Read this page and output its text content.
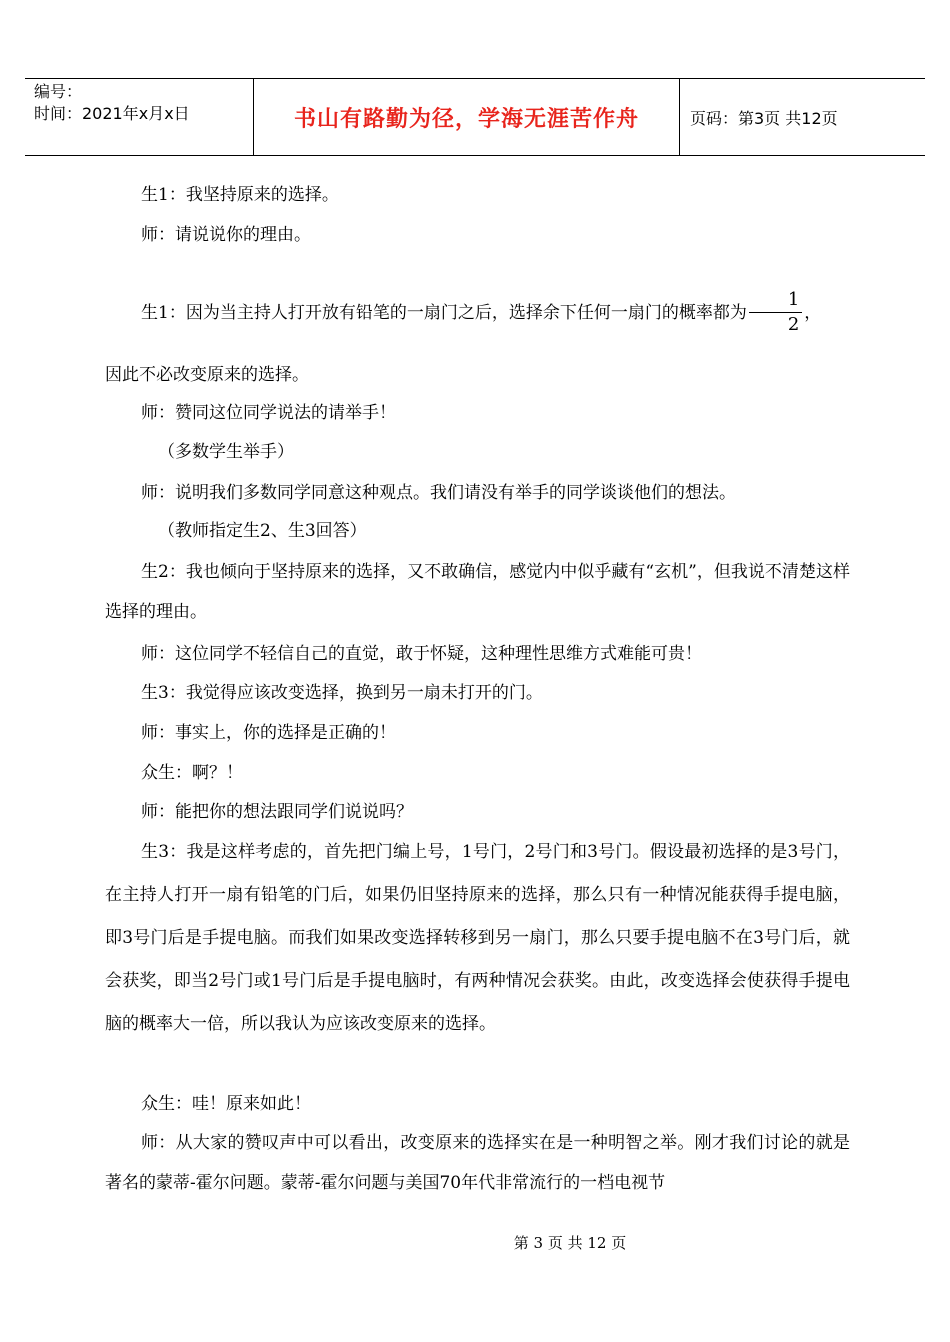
编号：
时间：2021年x月x日	书山有路勤为径，学海无涯苦作舟	页码：第3页 共12页

生1：我坚持原来的选择。

师：请说说你的理由。

生1：因为当主持人打开放有铅笔的一扇门之后，选择余下任何一扇门的概率都为 $\frac{1}{2}$ ，

因此不必改变原来的选择。

师：赞同这位同学说法的请举手！

（多数学生举手）

师：说明我们多数同学同意这种观点。我们请没有举手的同学谈谈他们的想法。

（教师指定生2、生3回答）

生2：我也倾向于坚持原来的选择，又不敢确信，感觉内中似乎藏有“玄机”，但我说不清楚这样选择的理由。

师：这位同学不轻信自己的直觉，敢于怀疑，这种理性思维方式难能可贵！

生3：我觉得应该改变选择，换到另一扇未打开的门。

师：事实上，你的选择是正确的！

众生：啊？！

师：能把你的想法跟同学们说说吗？

生3：我是这样考虑的，首先把门编上号，1号门，2号门和3号门。假设最初选择的是3号门，在主持人打开一扇有铅笔的门后，如果仍旧坚持原来的选择，那么只有一种情况能获得手提电脑，即3号门后是手提电脑。而我们如果改变选择转移到另一扇门，那么只要手提电脑不在3号门后，就会获奖，即当2号门或1号门后是手提电脑时，有两种情况会获奖。由此，改变选择会使获得手提电脑的概率大一倍，所以我认为应该改变原来的选择。

众生：哇！原来如此！

师：从大家的赞叹声中可以看出，改变原来的选择实在是一种明智之举。刚才我们讨论的就是著名的蒙蒂-霍尔问题。蒙蒂-霍尔问题与美国70年代非常流行的一档电视节

第 3 页 共 12 页
